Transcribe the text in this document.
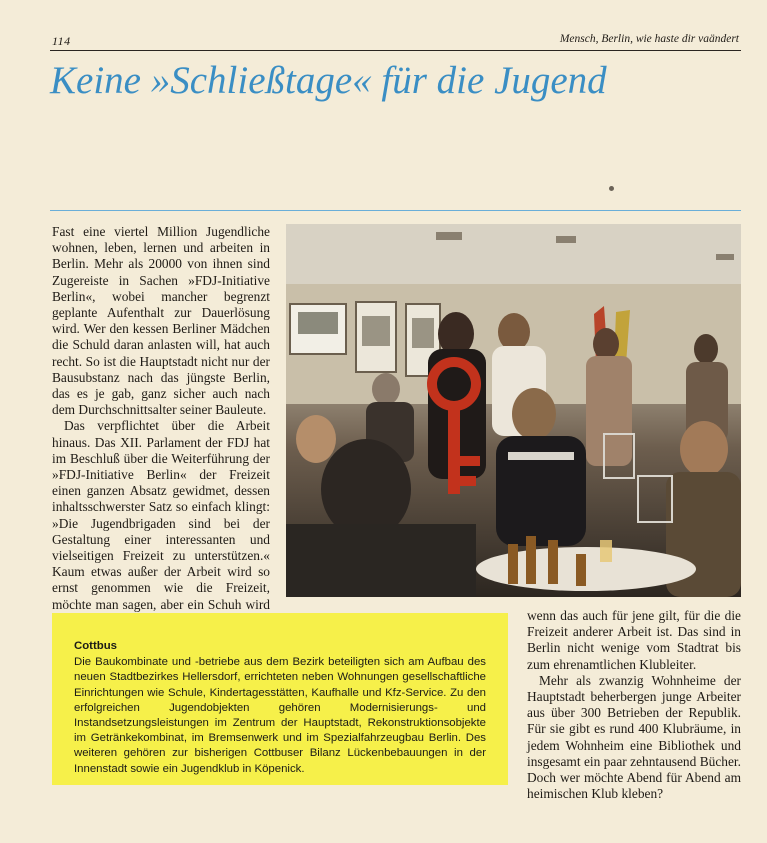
114	Mensch, Berlin, wie haste dir vaändert
Keine »Schließtage« für die Jugend

Fast eine viertel Million Jugendliche wohnen, leben, lernen und arbeiten in Berlin. Mehr als 20000 von ihnen sind Zugereiste in Sachen »FDJ-Initiative Berlin«, wobei mancher begrenzt geplante Aufenthalt zur Dauerlösung wird. Wer den kessen Berliner Mädchen die Schuld daran anlasten will, hat auch recht. So ist die Hauptstadt nicht nur der Bausubstanz nach das jüngste Berlin, das es je gab, ganz sicher auch nach dem Durchschnittsalter seiner Bauleute.

Das verpflichtet über die Arbeit hinaus. Das XII. Parlament der FDJ hat im Beschluß über die Weiterführung der »FDJ-Initiative Berlin« der Freizeit einen ganzen Absatz gewidmet, dessen inhaltsschwerster Satz so einfach klingt: »Die Jugendbrigaden sind bei der Gestaltung einer interessanten und vielseitigen Freizeit zu unterstützen.« Kaum etwas außer der Arbeit wird so ernst genommen wie die Freizeit, möchte man sagen, aber ein Schuh wird

Cottbus

Die Baukombinate und -betriebe aus dem Bezirk beteiligten sich am Aufbau des neuen Stadtbezirkes Hellersdorf, errichteten neben Wohnungen gesellschaftliche Einrichtungen wie Schule, Kindertagesstätten, Kaufhalle und Kfz-Service. Zu den erfolgreichen Jugendobjekten gehören Modernisierungs- und Instandsetzungsleistungen im Zentrum der Hauptstadt, Rekonstruktionsobjekte im Getränkekombinat, im Bremsenwerk und im Spezialfahrzeugbau Berlin. Des weiteren gehören zur bisherigen Cottbuser Bilanz Lückenbebauungen in der Innenstadt sowie ein Jugendklub in Köpenick.

wenn das auch für jene gilt, für die die Freizeit anderer Arbeit ist. Das sind in Berlin nicht wenige vom Stadtrat bis zum ehrenamtlichen Klubleiter.

Mehr als zwanzig Wohnheime der Hauptstadt beherbergen junge Arbeiter aus über 300 Betrieben der Republik. Für sie gibt es rund 400 Klubräume, in jedem Wohnheim eine Bibliothek und insgesamt ein paar zehntausend Bücher. Doch wer möchte Abend für Abend am heimischen Klub kleben?
